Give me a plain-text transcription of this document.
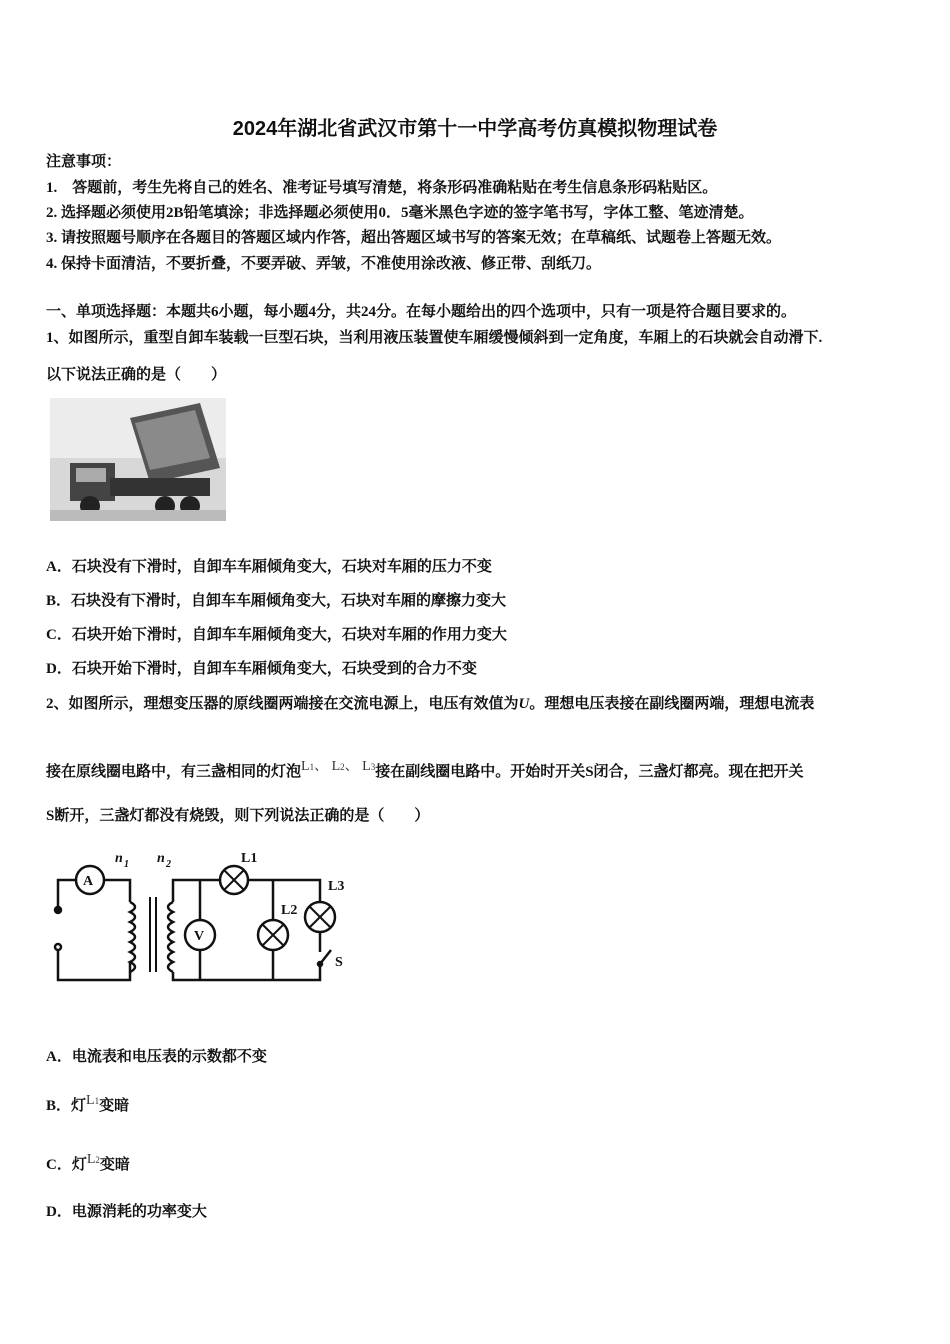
2024年湖北省武汉市第十一中学高考仿真模拟物理试卷
注意事项：
1.　答题前，考生先将自己的姓名、准考证号填写清楚，将条形码准确粘贴在考生信息条形码粘贴区。
2. 选择题必须使用2B铅笔填涂；非选择题必须使用0．5毫米黑色字迹的签字笔书写，字体工整、笔迹清楚。
3. 请按照题号顺序在各题目的答题区域内作答，超出答题区域书写的答案无效；在草稿纸、试题卷上答题无效。
4. 保持卡面清洁，不要折叠，不要弄破、弄皱，不准使用涂改液、修正带、刮纸刀。
一、单项选择题：本题共6小题，每小题4分，共24分。在每小题给出的四个选项中，只有一项是符合题目要求的。
1、如图所示，重型自卸车装载一巨型石块，当利用液压装置使车厢缓慢倾斜到一定角度，车厢上的石块就会自动滑下.
以下说法正确的是（　　）
A．石块没有下滑时，自卸车车厢倾角变大，石块对车厢的压力不变
B．石块没有下滑时，自卸车车厢倾角变大，石块对车厢的摩擦力变大
C．石块开始下滑时，自卸车车厢倾角变大，石块对车厢的作用力变大
D．石块开始下滑时，自卸车车厢倾角变大，石块受到的合力不变
2、如图所示，理想变压器的原线圈两端接在交流电源上，电压有效值为U。理想电压表接在副线圈两端，理想电流表
接在原线圈电路中，有三盏相同的灯泡L1、 L2、 L3接在副线圈电路中。开始时开关S闭合，三盏灯都亮。现在把开关
S断开，三盏灯都没有烧毁，则下列说法正确的是（　　）
A
V
n 1 n 2	L1
L2
L3
S
A．电流表和电压表的示数都不变
B．灯L1变暗
C．灯L2变暗
D．电源消耗的功率变大
